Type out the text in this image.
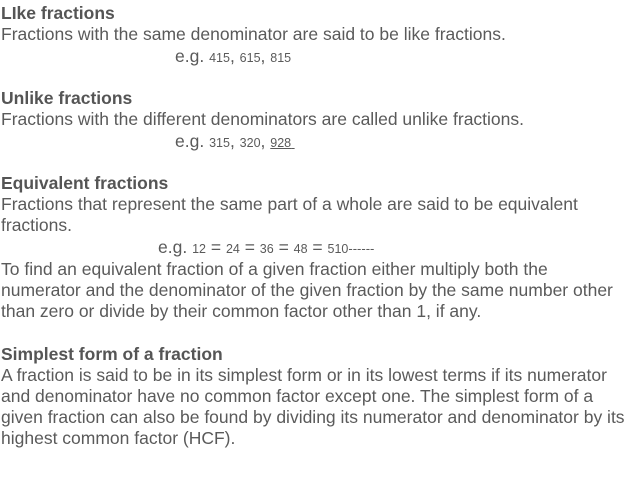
LIke fractions
Fractions with the same denominator are said to be like fractions.
e.g. 415, 615, 815
Unlike fractions
Fractions with the different denominators are called unlike fractions.
e.g. 315, 320, 928
Equivalent fractions
Fractions that represent the same part of a whole are said to be equivalent
fractions.
e.g. 12 = 24 = 36 = 48 = 510------
To find an equivalent fraction of a given fraction either multiply both the
numerator and the denominator of the given fraction by the same number other
than zero or divide by their common factor other than 1, if any.
Simplest form of a fraction
A fraction is said to be in its simplest form or in its lowest terms if its numerator
and denominator have no common factor except one. The simplest form of a
given fraction can also be found by dividing its numerator and denominator by its
highest common factor (HCF).
